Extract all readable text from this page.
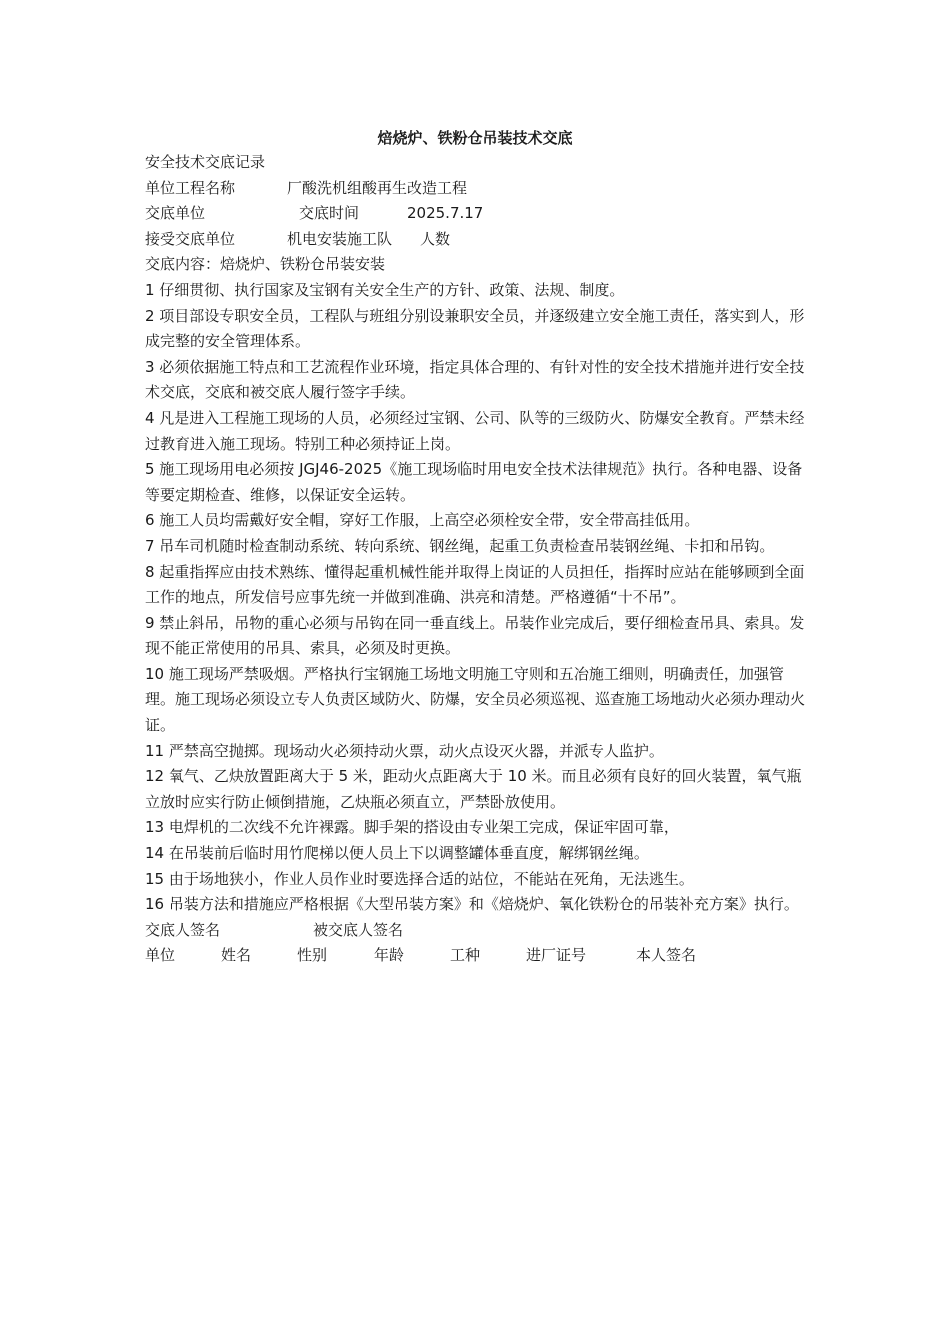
焙烧炉、铁粉仓吊装技术交底
安全技术交底记录
单位工程名称	厂酸洗机组酸再生改造工程
交底单位	交底时间	2025.7.17
接受交底单位	机电安装施工队 人数
交底内容：焙烧炉、铁粉仓吊装安装
1 仔细贯彻、执行国家及宝钢有关安全生产的方针、政策、法规、制度。
2 项目部设专职安全员，工程队与班组分别设兼职安全员，并逐级建立安全施工责任，落实到人，形成完整的安全管理体系。
3 必须依据施工特点和工艺流程作业环境，指定具体合理的、有针对性的安全技术措施并进行安全技术交底，交底和被交底人履行签字手续。
4 凡是进入工程施工现场的人员，必须经过宝钢、公司、队等的三级防火、防爆安全教育。严禁未经过教育进入施工现场。特别工种必须持证上岗。
5 施工现场用电必须按 JGJ46-2025《施工现场临时用电安全技术法律规范》执行。各种电器、设备等要定期检查、维修，以保证安全运转。
6 施工人员均需戴好安全帽，穿好工作服，上高空必须栓安全带，安全带高挂低用。
7 吊车司机随时检查制动系统、转向系统、钢丝绳，起重工负责检查吊装钢丝绳、卡扣和吊钩。
8 起重指挥应由技术熟练、懂得起重机械性能并取得上岗证的人员担任，指挥时应站在能够顾到全面工作的地点，所发信号应事先统一并做到准确、洪亮和清楚。严格遵循“十不吊”。
9 禁止斜吊，吊物的重心必须与吊钩在同一垂直线上。吊装作业完成后，要仔细检查吊具、索具。发现不能正常使用的吊具、索具，必须及时更换。
10 施工现场严禁吸烟。严格执行宝钢施工场地文明施工守则和五冶施工细则，明确责任，加强管理。施工现场必须设立专人负责区域防火、防爆，安全员必须巡视、巡查施工场地动火必须办理动火证。
11 严禁高空抛掷。现场动火必须持动火票，动火点设灭火器，并派专人监护。
12 氧气、乙炔放置距离大于 5 米，距动火点距离大于 10 米。而且必须有良好的回火装置，氧气瓶立放时应实行防止倾倒措施，乙炔瓶必须直立，严禁卧放使用。
13 电焊机的二次线不允许裸露。脚手架的搭设由专业架工完成，保证牢固可靠，
14 在吊装前后临时用竹爬梯以便人员上下以调整罐体垂直度，解绑钢丝绳。
15 由于场地狭小，作业人员作业时要选择合适的站位，不能站在死角，无法逃生。
16 吊装方法和措施应严格根据《大型吊装方案》和《焙烧炉、氧化铁粉仓的吊装补充方案》执行。
交底人签名	被交底人签名
单位	姓名	性别	年龄	工种	进厂证号	本人签名
